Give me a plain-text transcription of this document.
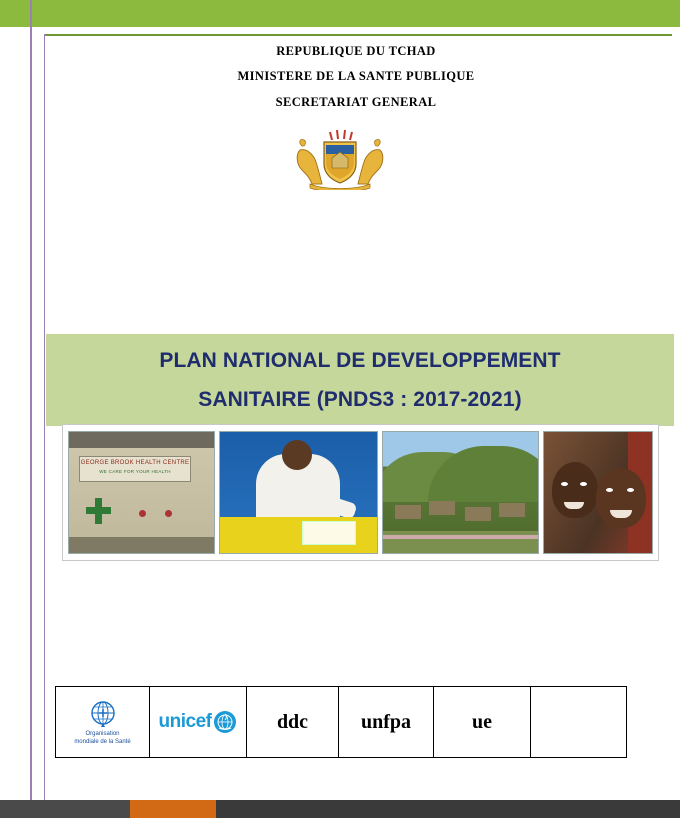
REPUBLIQUE DU TCHAD
MINISTERE DE LA SANTE PUBLIQUE
SECRETARIAT GENERAL
PLAN NATIONAL DE DEVELOPPEMENT
SANITAIRE (PNDS3 : 2017-2021)
GEORGE BROOK HEALTH CENTRE
WE CARE FOR YOUR HEALTH
Organisation
mondiale de la Santé

unicef	ddc	unfpa	ue	
